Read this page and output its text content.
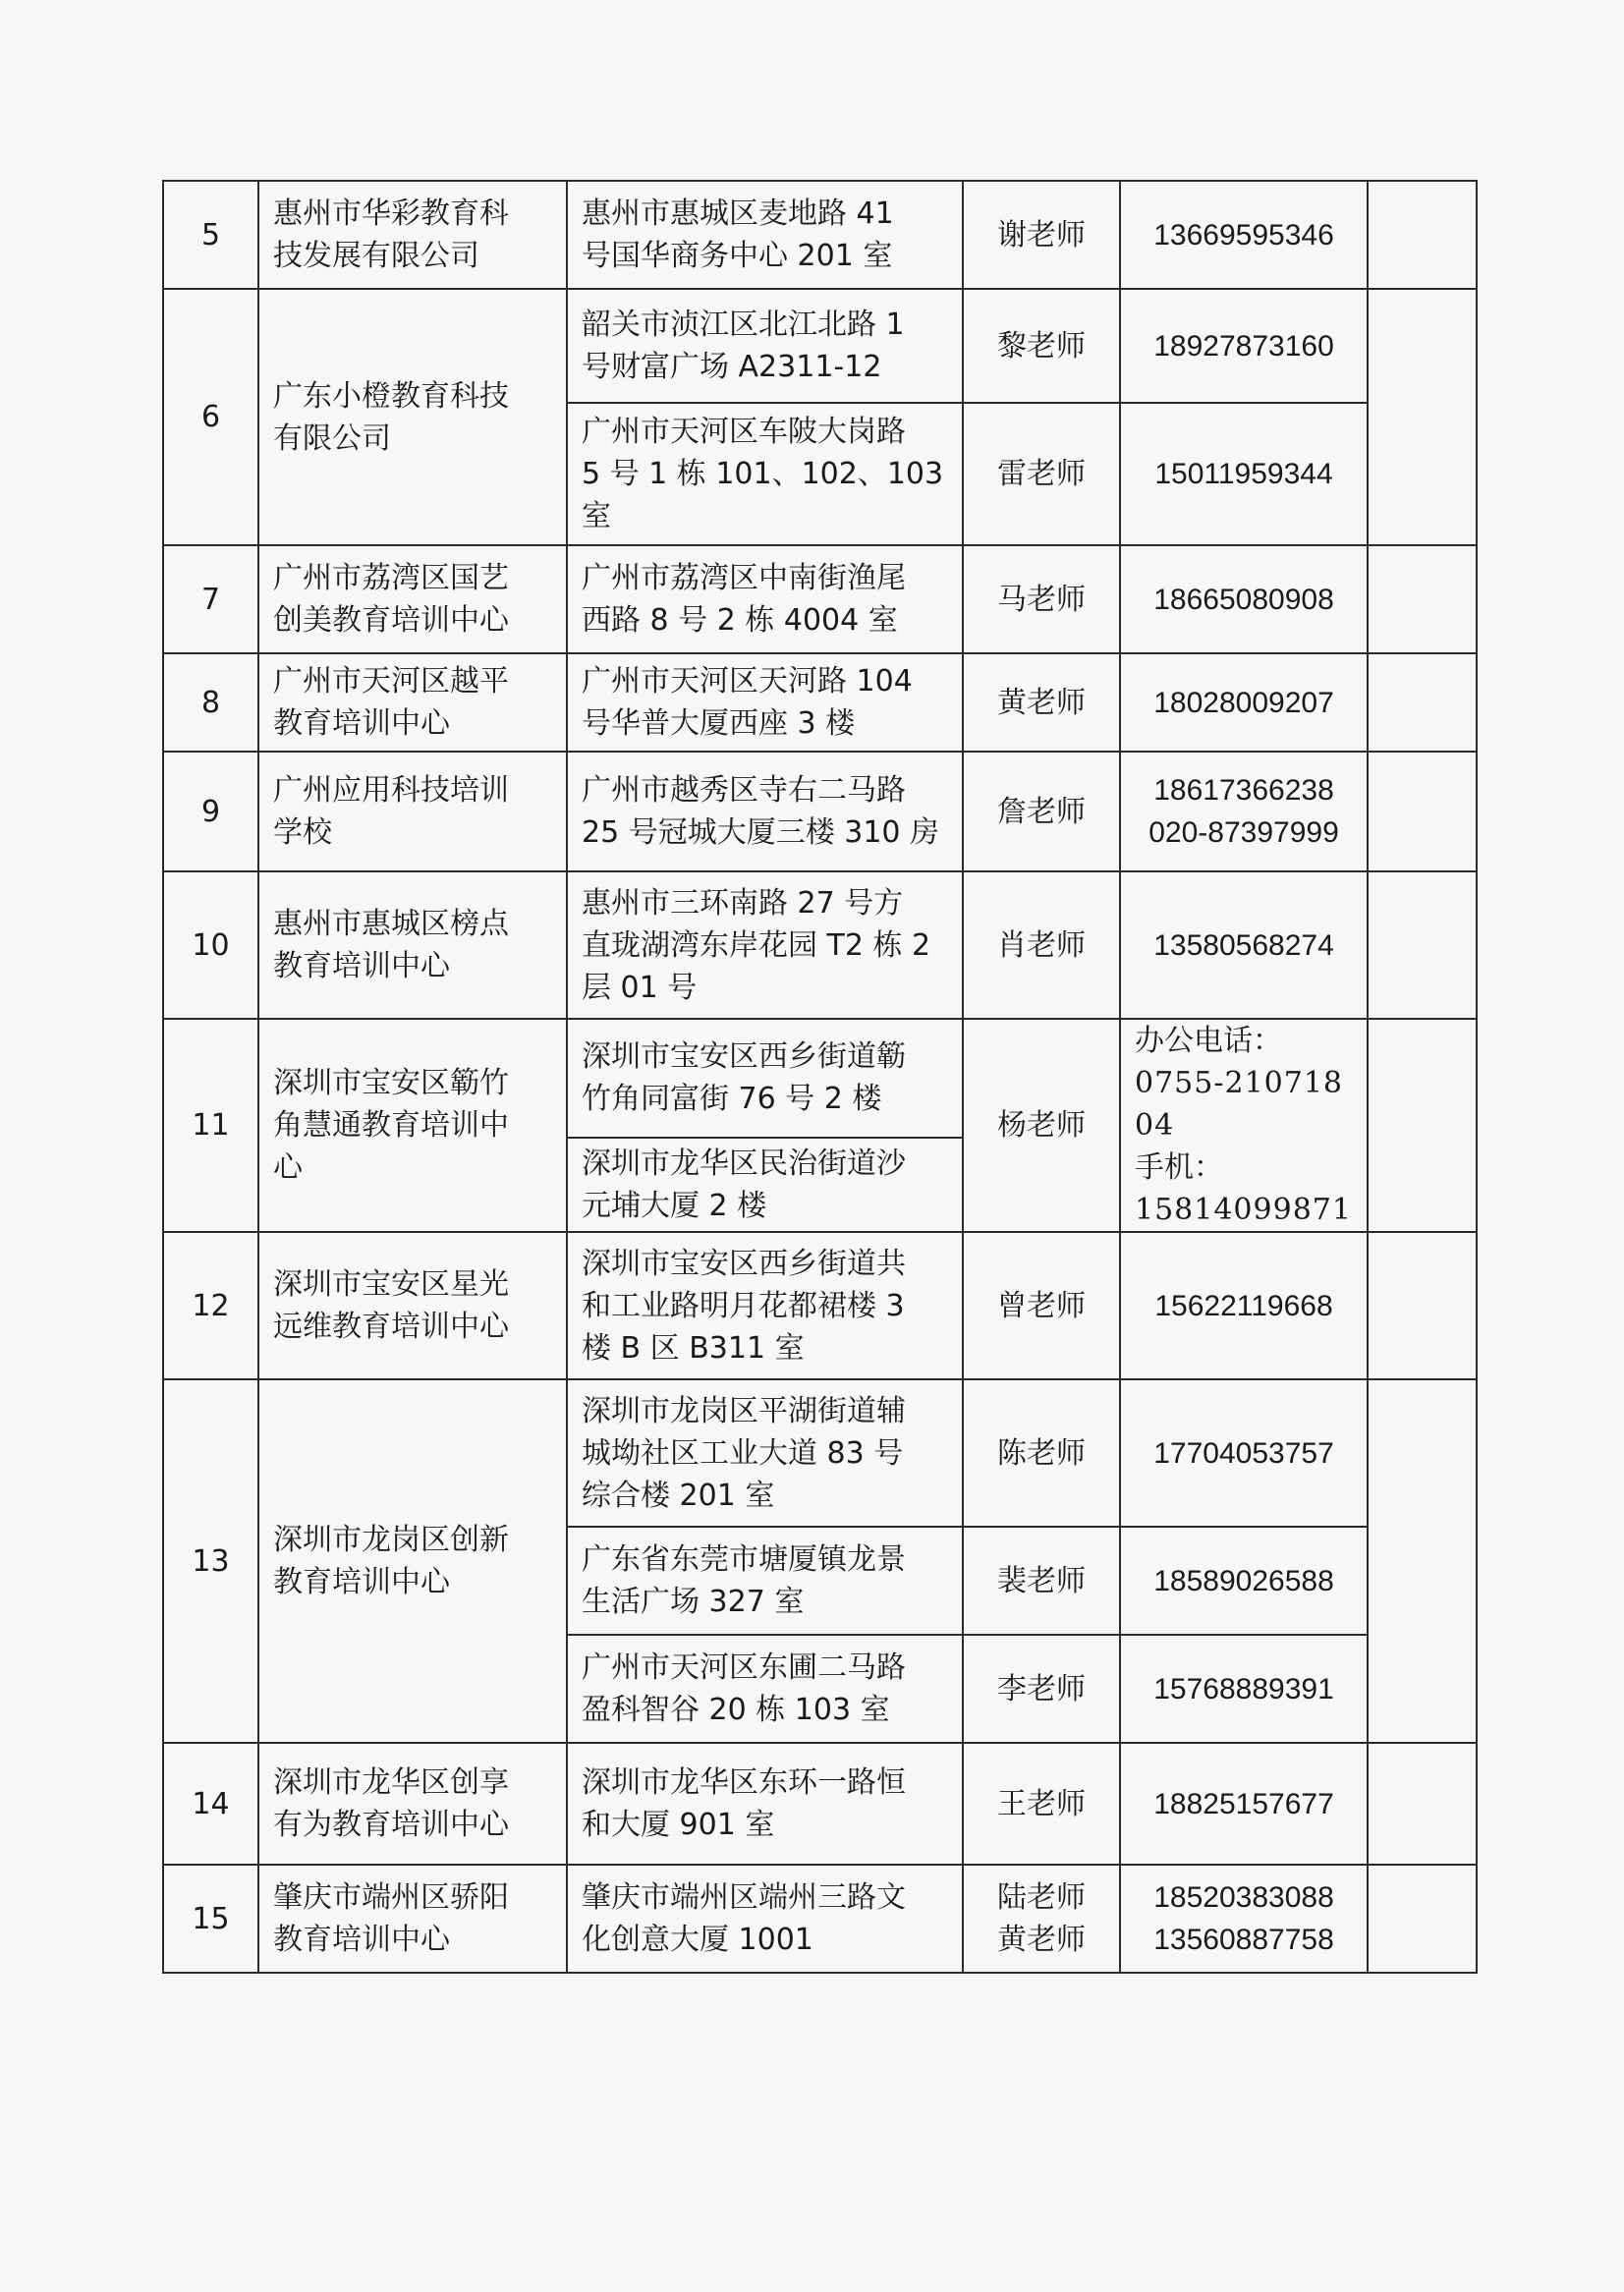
5	惠州市华彩教育科
技发展有限公司	惠州市惠城区麦地路 41
号国华商务中心 201 室	谢老师	13669595346	

6	广东小橙教育科技
有限公司	韶关市浈江区北江北路 1
号财富广场 A2311-12	黎老师	18927873160	

		广州市天河区车陂大岗路
5 号 1 栋 101、102、103
室	雷老师	15011959344	

7	广州市荔湾区国艺
创美教育培训中心	广州市荔湾区中南街渔尾
西路 8 号 2 栋 4004 室	马老师	18665080908	

8	广州市天河区越平
教育培训中心	广州市天河区天河路 104
号华普大厦西座 3 楼	黄老师	18028009207	

9	广州应用科技培训
学校	广州市越秀区寺右二马路
25 号冠城大厦三楼 310 房	詹老师	18617366238
020-87397999	

10	惠州市惠城区榜点
教育培训中心	惠州市三环南路 27 号方
直珑湖湾东岸花园 T2 栋 2
层 01 号	肖老师	13580568274	

11	深圳市宝安区簕竹
角慧通教育培训中
心	深圳市宝安区西乡街道簕
竹角同富街 76 号 2 楼	杨老师	办公电话：
0755-21071804
手机：
15814099871	

		深圳市龙华区民治街道沙
元埔大厦 2 楼			

12	深圳市宝安区星光
远维教育培训中心	深圳市宝安区西乡街道共
和工业路明月花都裙楼 3
楼 B 区 B311 室	曾老师	15622119668	

13	深圳市龙岗区创新
教育培训中心	深圳市龙岗区平湖街道辅
城坳社区工业大道 83 号
综合楼 201 室	陈老师	17704053757	

		广东省东莞市塘厦镇龙景
生活广场 327 室	裴老师	18589026588	

		广州市天河区东圃二马路
盈科智谷 20 栋 103 室	李老师	15768889391	

14	深圳市龙华区创享
有为教育培训中心	深圳市龙华区东环一路恒
和大厦 901 室	王老师	18825157677	

15	肇庆市端州区骄阳
教育培训中心	肇庆市端州区端州三路文
化创意大厦 1001	陆老师
黄老师	18520383088
13560887758	
